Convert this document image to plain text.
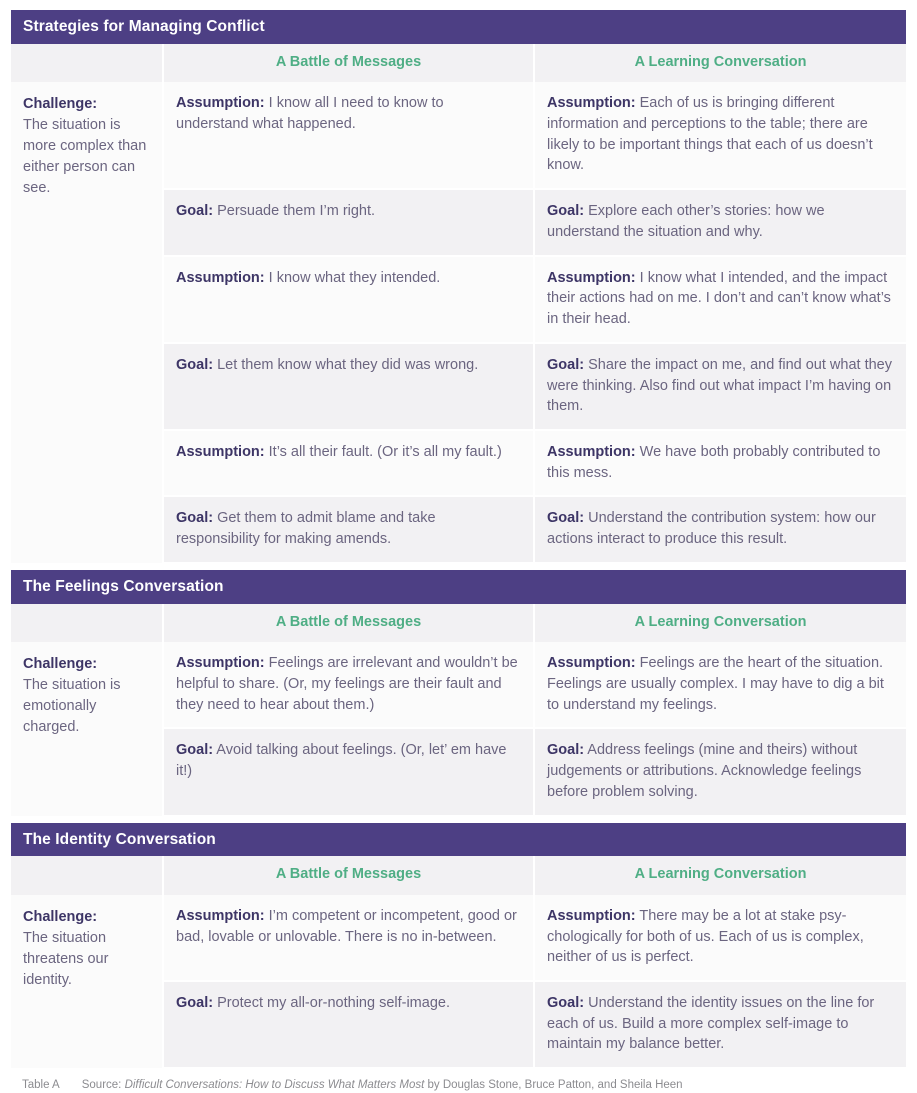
Strategies for Managing Conflict		
	A Battle of Messages	A Learning Conversation

Challenge:
The situation is more complex than either person can see.	Assumption: I know all I need to know to understand what happened.	Assumption: Each of us is bringing different information and perceptions to the table; there are likely to be important things that each of us doesn’t know.
	Goal: Persuade them I’m right.	Goal: Explore each other’s stories: how we understand the situation and why.
	Assumption: I know what they intended.	Assumption: I know what I intended, and the impact their actions had on me. I don’t and can’t know what’s in their head.
	Goal: Let them know what they did was wrong.	Goal: Share the impact on me, and find out what they were thinking. Also find out what impact I’m having on them.
	Assumption: It’s all their fault. (Or it’s all my fault.)	Assumption: We have both probably contributed to this mess.
	Goal: Get them to admit blame and take responsibility for making amends.	Goal: Understand the contribution system: how our actions interact to produce this result.

The Feelings Conversation		
	A Battle of Messages	A Learning Conversation

Challenge:
The situation is emotionally charged.	Assumption: Feelings are irrelevant and wouldn’t be helpful to share. (Or, my feelings are their fault and they need to hear about them.)	Assumption: Feelings are the heart of the situation. Feelings are usually complex. I may have to dig a bit to understand my feelings.
	Goal: Avoid talking about feelings. (Or, let’ em have it!)	Goal: Address feelings (mine and theirs) without judgements or attributions. Acknowledge feelings before problem solving.

The Identity Conversation		
	A Battle of Messages	A Learning Conversation

Challenge:
The situation threatens our identity.	Assumption: I’m competent or incompetent, good or bad, lovable or unlovable. There is no in-between.	Assumption: There may be a lot at stake psy-chologically for both of us. Each of us is complex, neither of us is perfect.
	Goal: Protect my all-or-nothing self-image.	Goal: Understand the identity issues on the line for each of us. Build a more complex self-image to maintain my balance better.
Table A Source: Difficult Conversations: How to Discuss What Matters Most by Douglas Stone, Bruce Patton, and Sheila Heen
